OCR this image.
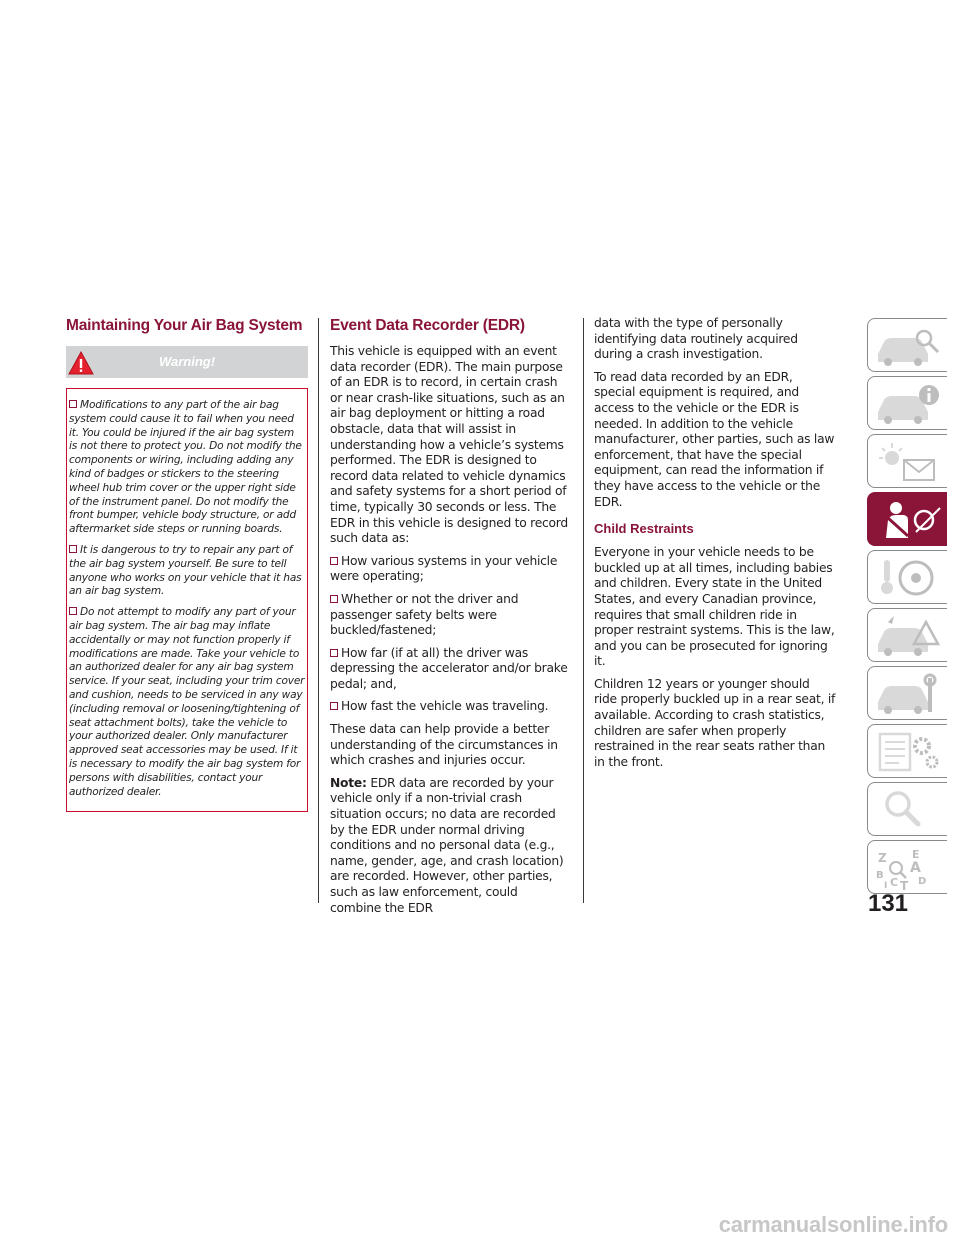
Maintaining Your Air Bag System
Warning!

Modifications to any part of the air bag system could cause it to fail when you need it. You could be injured if the air bag system is not there to protect you. Do not modify the components or wiring, including adding any kind of badges or stickers to the steering wheel hub trim cover or the upper right side of the instrument panel. Do not modify the front bumper, vehicle body structure, or add aftermarket side steps or running boards.

It is dangerous to try to repair any part of the air bag system yourself. Be sure to tell anyone who works on your vehicle that it has an air bag system.

Do not attempt to modify any part of your air bag system. The air bag may inflate accidentally or may not function properly if modifications are made. Take your vehicle to an authorized dealer for any air bag system service. If your seat, including your trim cover and cushion, needs to be serviced in any way (including removal or loosening/tightening of seat attachment bolts), take the vehicle to your authorized dealer. Only manufacturer approved seat accessories may be used. If it is necessary to modify the air bag system for persons with disabilities, contact your authorized dealer.

Event Data Recorder (EDR)

This vehicle is equipped with an event data recorder (EDR). The main purpose of an EDR is to record, in certain crash or near crash-like situations, such as an air bag deployment or hitting a road obstacle, data that will assist in understanding how a vehicle’s systems performed. The EDR is designed to record data related to vehicle dynamics and safety systems for a short period of time, typically 30 seconds or less. The EDR in this vehicle is designed to record such data as:

How various systems in your vehicle were operating;

Whether or not the driver and passenger safety belts were buckled/fastened;

How far (if at all) the driver was depressing the accelerator and/or brake pedal; and,

How fast the vehicle was traveling.

These data can help provide a better understanding of the circumstances in which crashes and injuries occur.

Note: EDR data are recorded by your vehicle only if a non-trivial crash situation occurs; no data are recorded by the EDR under normal driving conditions and no personal data (e.g., name, gender, age, and crash location) are recorded. However, other parties, such as law enforcement, could combine the EDR

data with the type of personally identifying data routinely acquired during a crash investigation.

To read data recorded by an EDR, special equipment is required, and access to the vehicle or the EDR is needed. In addition to the vehicle manufacturer, other parties, such as law enforcement, that have the special equipment, can read the information if they have access to the vehicle or the EDR.

Child Restraints

Everyone in your vehicle needs to be buckled up at all times, including babies and children. Every state in the United States, and every Canadian province, requires that small children ride in proper restraint systems. This is the law, and you can be prosecuted for ignoring it.

Children 12 years or younger should ride properly buckled up in a rear seat, if available. According to crash statistics, children are safer when properly restrained in the rear seats rather than in the front.

Z E
A
B
C T D
I
131
carmanualsonline.info
